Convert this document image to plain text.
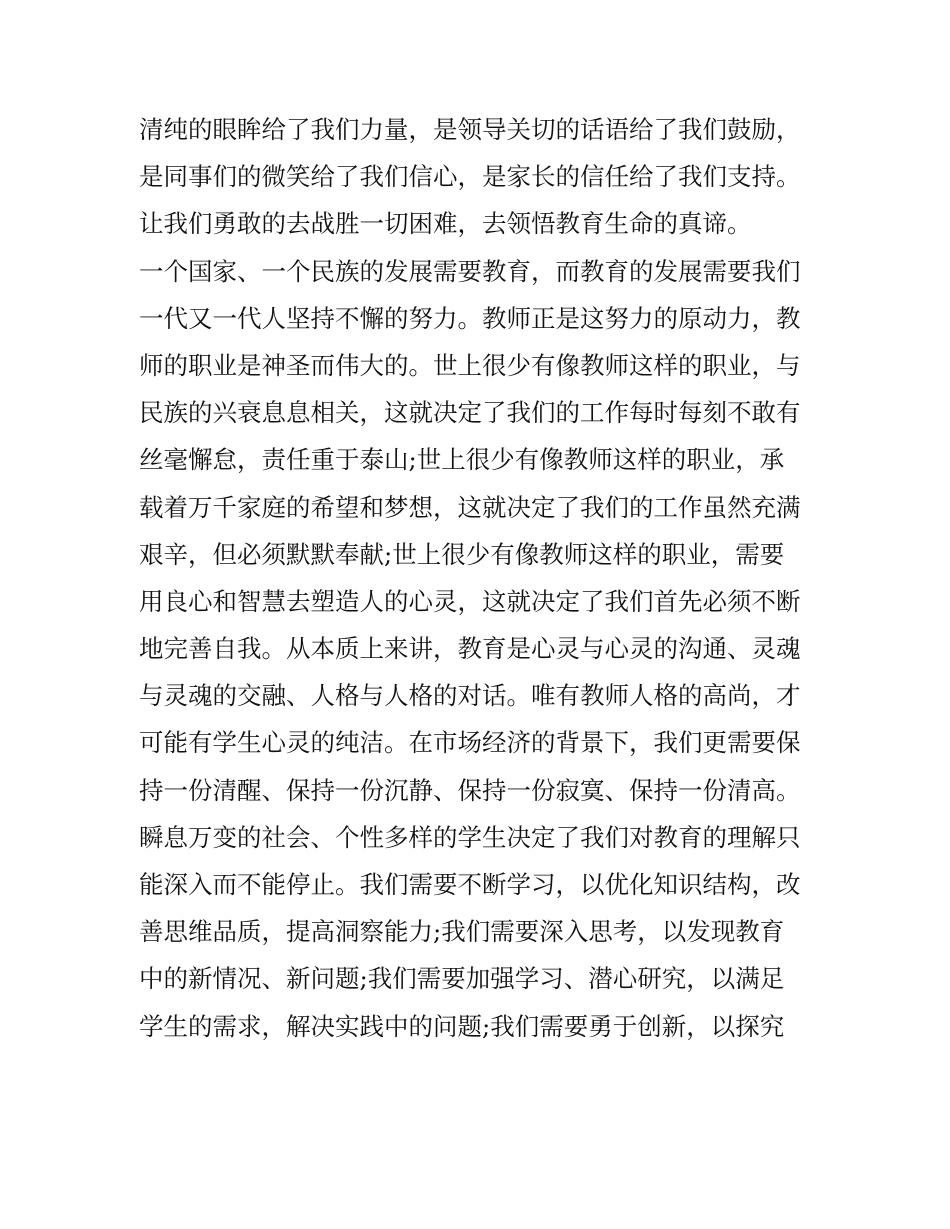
清纯的眼眸给了我们力量，是领导关切的话语给了我们鼓励，
是同事们的微笑给了我们信心，是家长的信任给了我们支持。
让我们勇敢的去战胜一切困难，去领悟教育生命的真谛。
一个国家、一个民族的发展需要教育，而教育的发展需要我们
一代又一代人坚持不懈的努力。教师正是这努力的原动力，教
师的职业是神圣而伟大的。世上很少有像教师这样的职业，与
民族的兴衰息息相关，这就决定了我们的工作每时每刻不敢有
丝毫懈怠，责任重于泰山;世上很少有像教师这样的职业，承
载着万千家庭的希望和梦想，这就决定了我们的工作虽然充满
艰辛，但必须默默奉献;世上很少有像教师这样的职业，需要
用良心和智慧去塑造人的心灵，这就决定了我们首先必须不断
地完善自我。从本质上来讲，教育是心灵与心灵的沟通、灵魂
与灵魂的交融、人格与人格的对话。唯有教师人格的高尚，才
可能有学生心灵的纯洁。在市场经济的背景下，我们更需要保
持一份清醒、保持一份沉静、保持一份寂寞、保持一份清高。
瞬息万变的社会、个性多样的学生决定了我们对教育的理解只
能深入而不能停止。我们需要不断学习，以优化知识结构，改
善思维品质，提高洞察能力;我们需要深入思考，以发现教育
中的新情况、新问题;我们需要加强学习、潜心研究，以满足
学生的需求，解决实践中的问题;我们需要勇于创新，以探究
